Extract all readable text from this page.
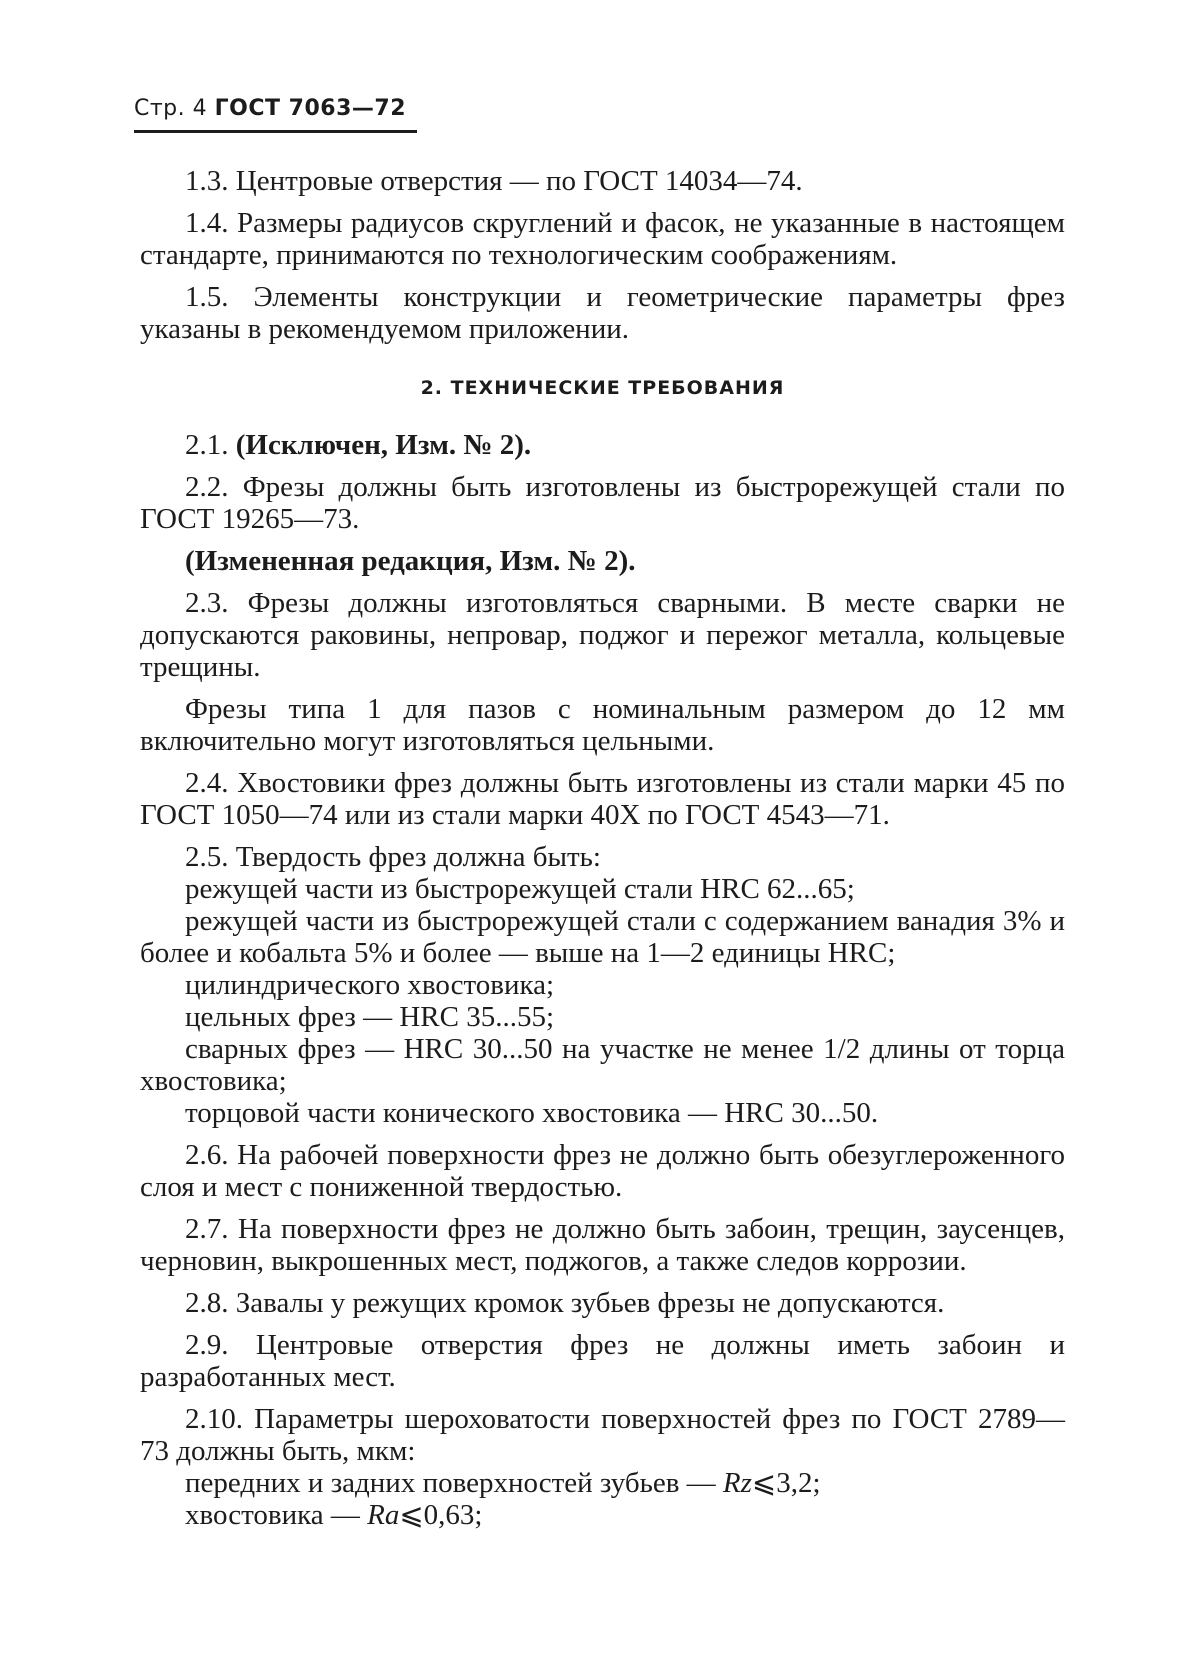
Стр. 4 ГОСТ 7063—72

1.3. Центровые отверстия — по ГОСТ 14034—74.

1.4. Размеры радиусов скруглений и фасок, не указанные в настоящем стандарте, принимаются по технологическим соображениям.

1.5. Элементы конструкции и геометрические параметры фрез указаны в рекомендуемом приложении.

2. ТЕХНИЧЕСКИЕ ТРЕБОВАНИЯ

2.1. (Исключен, Изм. № 2).

2.2. Фрезы должны быть изготовлены из быстрорежущей стали по ГОСТ 19265—73.

(Измененная редакция, Изм. № 2).

2.3. Фрезы должны изготовляться сварными. В месте сварки не допускаются раковины, непровар, поджог и пережог металла, кольцевые трещины.

Фрезы типа 1 для пазов с номинальным размером до 12 мм включительно могут изготовляться цельными.

2.4. Хвостовики фрез должны быть изготовлены из стали марки 45 по ГОСТ 1050—74 или из стали марки 40Х по ГОСТ 4543—71.

2.5. Твердость фрез должна быть:

режущей части из быстрорежущей стали HRC 62...65;

режущей части из быстрорежущей стали с содержанием ванадия 3% и более и кобальта 5% и более — выше на 1—2 единицы HRC;

цилиндрического хвостовика;

цельных фрез — HRC 35...55;

сварных фрез — HRC 30...50 на участке не менее 1/2 длины от торца хвостовика;

торцовой части конического хвостовика — HRC 30...50.

2.6. На рабочей поверхности фрез не должно быть обезуглероженного слоя и мест с пониженной твердостью.

2.7. На поверхности фрез не должно быть забоин, трещин, заусенцев, черновин, выкрошенных мест, поджогов, а также следов коррозии.

2.8. Завалы у режущих кромок зубьев фрезы не допускаются.

2.9. Центровые отверстия фрез не должны иметь забоин и разработанных мест.

2.10. Параметры шероховатости поверхностей фрез по ГОСТ 2789—73 должны быть, мкм:

передних и задних поверхностей зубьев — Rz⩽3,2;

хвостовика — Ra⩽0,63;
